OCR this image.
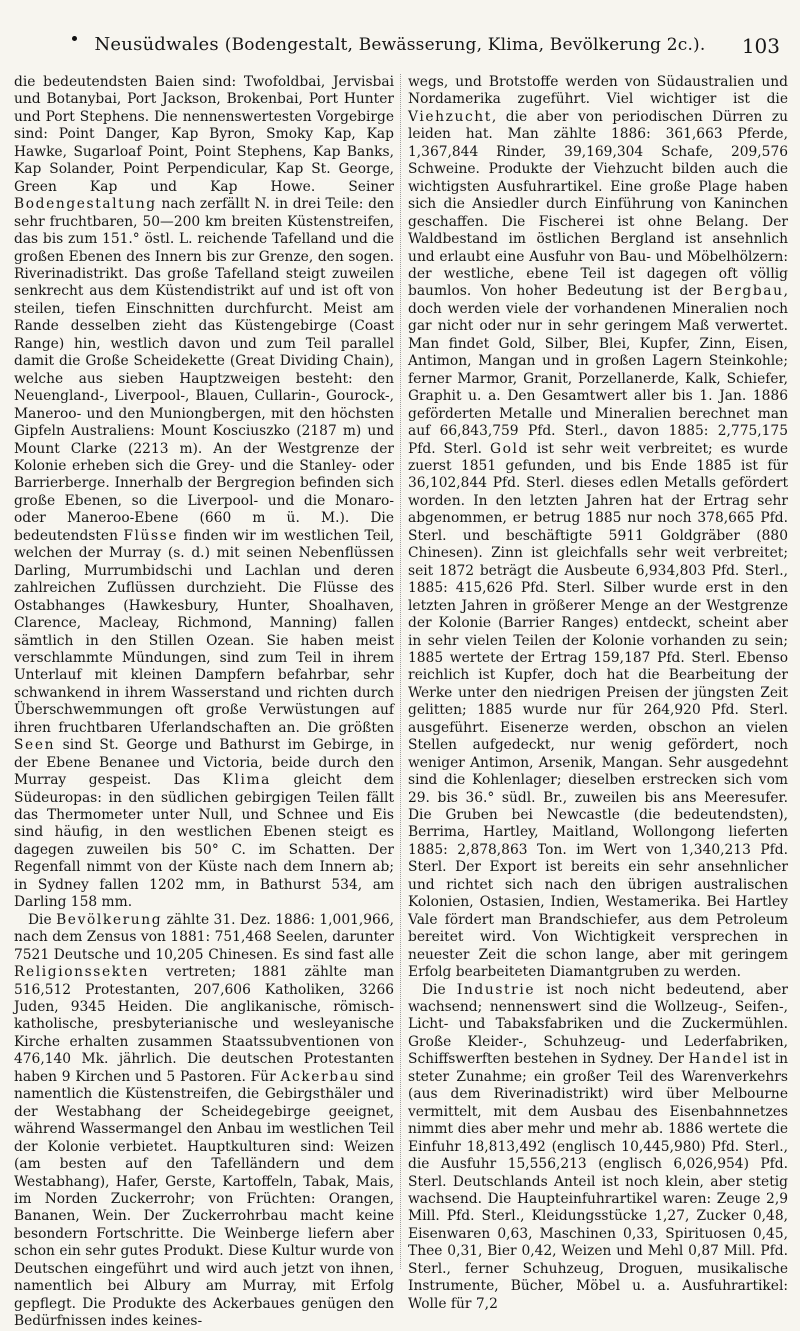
Neusüdwales (Bodengestalt, Bewässerung, Klima, Bevölkerung 2c.).	103

die bedeutendsten Baien sind: Twofoldbai, Jervisbai und Botanybai, Port Jackson, Brokenbai, Port Hunter und Port Stephens. Die nennenswertesten Vorgebirge sind: Point Danger, Kap Byron, Smoky Kap, Kap Hawke, Sugarloaf Point, Point Stephens, Kap Banks, Kap Solander, Point Perpendicular, Kap St. George, Green Kap und Kap Howe. Seiner Bodengestaltung nach zerfällt N. in drei Teile: den sehr fruchtbaren, 50—200 km breiten Küstenstreifen, das bis zum 151.° östl. L. reichende Tafelland und die großen Ebenen des Innern bis zur Grenze, den sogen. Riverinadistrikt. Das große Tafelland steigt zuweilen senkrecht aus dem Küstendistrikt auf und ist oft von steilen, tiefen Einschnitten durchfurcht. Meist am Rande desselben zieht das Küstengebirge (Coast Range) hin, westlich davon und zum Teil parallel damit die Große Scheidekette (Great Dividing Chain), welche aus sieben Hauptzweigen besteht: den Neuengland-, Liverpool-, Blauen, Cullarin-, Gourock-, Maneroo- und den Muniongbergen, mit den höchsten Gipfeln Australiens: Mount Kosciuszko (2187 m) und Mount Clarke (2213 m). An der Westgrenze der Kolonie erheben sich die Grey- und die Stanley- oder Barrierberge. Innerhalb der Bergregion befinden sich große Ebenen, so die Liverpool- und die Monaro- oder Maneroo-Ebene (660 m ü. M.). Die bedeutendsten Flüsse finden wir im westlichen Teil, welchen der Murray (s. d.) mit seinen Nebenflüssen Darling, Murrumbidschi und Lachlan und deren zahlreichen Zuflüssen durchzieht. Die Flüsse des Ostabhanges (Hawkesbury, Hunter, Shoalhaven, Clarence, Macleay, Richmond, Manning) fallen sämtlich in den Stillen Ozean. Sie haben meist verschlammte Mündungen, sind zum Teil in ihrem Unterlauf mit kleinen Dampfern befahrbar, sehr schwankend in ihrem Wasserstand und richten durch Überschwemmungen oft große Verwüstungen auf ihren fruchtbaren Uferlandschaften an. Die größten Seen sind St. George und Bathurst im Gebirge, in der Ebene Benanee und Victoria, beide durch den Murray gespeist. Das Klima gleicht dem Südeuropas: in den südlichen gebirgigen Teilen fällt das Thermometer unter Null, und Schnee und Eis sind häufig, in den westlichen Ebenen steigt es dagegen zuweilen bis 50° C. im Schatten. Der Regenfall nimmt von der Küste nach dem Innern ab; in Sydney fallen 1202 mm, in Bathurst 534, am Darling 158 mm.

Die Bevölkerung zählte 31. Dez. 1886: 1,001,966, nach dem Zensus von 1881: 751,468 Seelen, darunter 7521 Deutsche und 10,205 Chinesen. Es sind fast alle Religionssekten vertreten; 1881 zählte man 516,512 Protestanten, 207,606 Katholiken, 3266 Juden, 9345 Heiden. Die anglikanische, römisch-katholische, presbyterianische und wesleyanische Kirche erhalten zusammen Staatssubventionen von 476,140 Mk. jährlich. Die deutschen Protestanten haben 9 Kirchen und 5 Pastoren. Für Ackerbau sind namentlich die Küstenstreifen, die Gebirgsthäler und der Westabhang der Scheidegebirge geeignet, während Wassermangel den Anbau im westlichen Teil der Kolonie verbietet. Hauptkulturen sind: Weizen (am besten auf den Tafelländern und dem Westabhang), Hafer, Gerste, Kartoffeln, Tabak, Mais, im Norden Zuckerrohr; von Früchten: Orangen, Bananen, Wein. Der Zuckerrohrbau macht keine besondern Fortschritte. Die Weinberge liefern aber schon ein sehr gutes Produkt. Diese Kultur wurde von Deutschen eingeführt und wird auch jetzt von ihnen, namentlich bei Albury am Murray, mit Erfolg gepflegt. Die Produkte des Ackerbaues genügen den Bedürfnissen indes keines-

wegs, und Brotstoffe werden von Südaustralien und Nordamerika zugeführt. Viel wichtiger ist die Viehzucht, die aber von periodischen Dürren zu leiden hat. Man zählte 1886: 361,663 Pferde, 1,367,844 Rinder, 39,169,304 Schafe, 209,576 Schweine. Produkte der Viehzucht bilden auch die wichtigsten Ausfuhrartikel. Eine große Plage haben sich die Ansiedler durch Einführung von Kaninchen geschaffen. Die Fischerei ist ohne Belang. Der Waldbestand im östlichen Bergland ist ansehnlich und erlaubt eine Ausfuhr von Bau- und Möbelhölzern: der westliche, ebene Teil ist dagegen oft völlig baumlos. Von hoher Bedeutung ist der Bergbau, doch werden viele der vorhandenen Mineralien noch gar nicht oder nur in sehr geringem Maß verwertet. Man findet Gold, Silber, Blei, Kupfer, Zinn, Eisen, Antimon, Mangan und in großen Lagern Steinkohle; ferner Marmor, Granit, Porzellanerde, Kalk, Schiefer, Graphit u. a. Den Gesamtwert aller bis 1. Jan. 1886 geförderten Metalle und Mineralien berechnet man auf 66,843,759 Pfd. Sterl., davon 1885: 2,775,175 Pfd. Sterl. Gold ist sehr weit verbreitet; es wurde zuerst 1851 gefunden, und bis Ende 1885 ist für 36,102,844 Pfd. Sterl. dieses edlen Metalls gefördert worden. In den letzten Jahren hat der Ertrag sehr abgenommen, er betrug 1885 nur noch 378,665 Pfd. Sterl. und beschäftigte 5911 Goldgräber (880 Chinesen). Zinn ist gleichfalls sehr weit verbreitet; seit 1872 beträgt die Ausbeute 6,934,803 Pfd. Sterl., 1885: 415,626 Pfd. Sterl. Silber wurde erst in den letzten Jahren in größerer Menge an der Westgrenze der Kolonie (Barrier Ranges) entdeckt, scheint aber in sehr vielen Teilen der Kolonie vorhanden zu sein; 1885 wertete der Ertrag 159,187 Pfd. Sterl. Ebenso reichlich ist Kupfer, doch hat die Bearbeitung der Werke unter den niedrigen Preisen der jüngsten Zeit gelitten; 1885 wurde nur für 264,920 Pfd. Sterl. ausgeführt. Eisenerze werden, obschon an vielen Stellen aufgedeckt, nur wenig gefördert, noch weniger Antimon, Arsenik, Mangan. Sehr ausgedehnt sind die Kohlenlager; dieselben erstrecken sich vom 29. bis 36.° südl. Br., zuweilen bis ans Meeresufer. Die Gruben bei Newcastle (die bedeutendsten), Berrima, Hartley, Maitland, Wollongong lieferten 1885: 2,878,863 Ton. im Wert von 1,340,213 Pfd. Sterl. Der Export ist bereits ein sehr ansehnlicher und richtet sich nach den übrigen australischen Kolonien, Ostasien, Indien, Westamerika. Bei Hartley Vale fördert man Brandschiefer, aus dem Petroleum bereitet wird. Von Wichtigkeit versprechen in neuester Zeit die schon lange, aber mit geringem Erfolg bearbeiteten Diamantgruben zu werden.

Die Industrie ist noch nicht bedeutend, aber wachsend; nennenswert sind die Wollzeug-, Seifen-, Licht- und Tabaksfabriken und die Zuckermühlen. Große Kleider-, Schuhzeug- und Lederfabriken, Schiffswerften bestehen in Sydney. Der Handel ist in steter Zunahme; ein großer Teil des Warenverkehrs (aus dem Riverinadistrikt) wird über Melbourne vermittelt, mit dem Ausbau des Eisenbahnnetzes nimmt dies aber mehr und mehr ab. 1886 wertete die Einfuhr 18,813,492 (englisch 10,445,980) Pfd. Sterl., die Ausfuhr 15,556,213 (englisch 6,026,954) Pfd. Sterl. Deutschlands Anteil ist noch klein, aber stetig wachsend. Die Haupteinfuhrartikel waren: Zeuge 2,9 Mill. Pfd. Sterl., Kleidungsstücke 1,27, Zucker 0,48, Eisenwaren 0,63, Maschinen 0,33, Spirituosen 0,45, Thee 0,31, Bier 0,42, Weizen und Mehl 0,87 Mill. Pfd. Sterl., ferner Schuhzeug, Droguen, musikalische Instrumente, Bücher, Möbel u. a. Ausfuhrartikel: Wolle für 7,2
